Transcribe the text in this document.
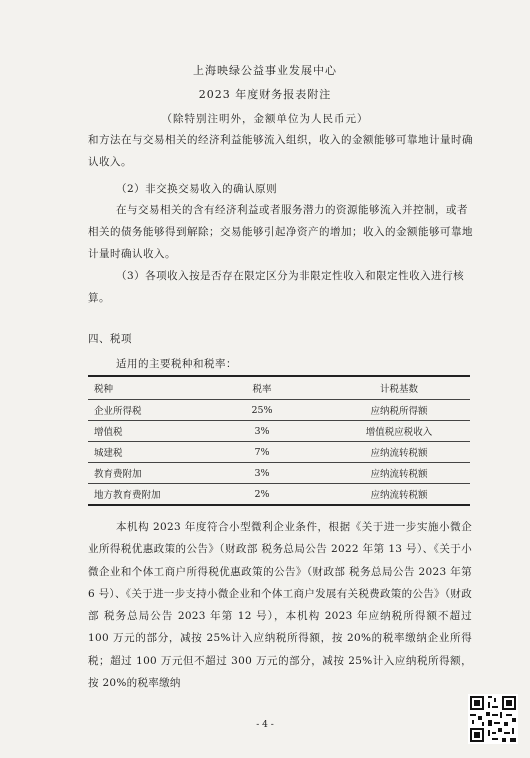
上海映绿公益事业发展中心
2023 年度财务报表附注
（除特别注明外，金额单位为人民币元）
和方法在与交易相关的经济利益能够流入组织，收入的金额能够可靠地计量时确认收入。
（2）非交换交易收入的确认原则
在与交易相关的含有经济利益或者服务潜力的资源能够流入并控制，或者相关的债务能够得到解除；交易能够引起净资产的增加；收入的金额能够可靠地计量时确认收入。
（3）各项收入按是否存在限定区分为非限定性收入和限定性收入进行核算。
四、税项
适用的主要税种和税率：
税种	税率	计税基数
企业所得税	25%	应纳税所得额
增值税	3%	增值税应税收入
城建税	7%	应纳流转税额
教育费附加	3%	应纳流转税额
地方教育费附加	2%	应纳流转税额
本机构 2023 年度符合小型微利企业条件，根据《关于进一步实施小微企业所得税优惠政策的公告》（财政部 税务总局公告 2022 年第 13 号）、《关于小微企业和个体工商户所得税优惠政策的公告》（财政部 税务总局公告 2023 年第 6 号）、《关于进一步支持小微企业和个体工商户发展有关税费政策的公告》（财政部 税务总局公告 2023 年第 12 号），本机构 2023 年应纳税所得额不超过 100 万元的部分，减按 25%计入应纳税所得额，按 20%的税率缴纳企业所得税；超过 100 万元但不超过 300 万元的部分，减按 25%计入应纳税所得额，按 20%的税率缴纳
- 4 -
